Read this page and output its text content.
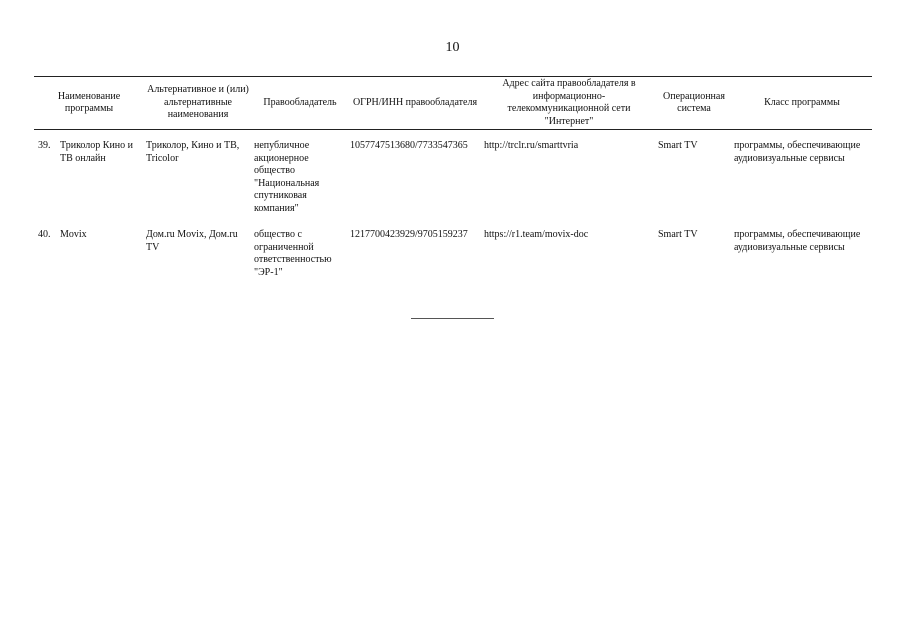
10
Наименование программы	Альтернативное и (или) альтернативные наименования	Правообладатель	ОГРН/ИНН правообладателя	Адрес сайта правообладателя в информационно-телекоммуникационной сети "Интернет"	Операционная система	Класс программы

39. Триколор Кино и ТВ онлайн	Триколор, Кино и ТВ, Tricolor	непубличное акционерное общество "Национальная спутниковая компания"	1057747513680/7733547365	http://trclr.ru/smarttvria	Smart TV	программы, обеспечивающие аудиовизуальные сервисы

40. Movix	Дом.ru Movix, Дом.ru TV	общество с ограниченной ответственностью "ЭР-1"	1217700423929/9705159237	https://r1.team/movix-doc	Smart TV	программы, обеспечивающие аудиовизуальные сервисы
